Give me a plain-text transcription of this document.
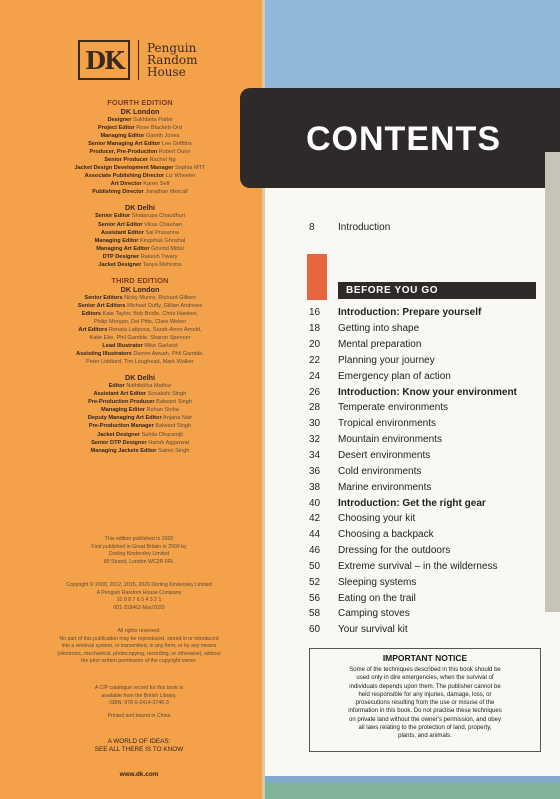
DK	Penguin
Random
House
FOURTH EDITION
DK London
Designer Sukhbeta Pattni
Project Editor Rose Blackett-Ord
Managing Editor Gareth Jones
Senior Managing Art Editor Lee Griffiths
Producer, Pre-Production Robert Dunn
Senior Producer Rachel Ng
Jacket Design Development Manager Sophia MTT
Associate Publishing Director Liz Wheeler
Art Director Karen Self
Publishing Director Jonathan Metcalf
DK Delhi
Senior Editor Shatarupa Chaudhuri
Senior Art Editor Vikas Chauhan
Assistant Editor Sai Prasanna
Managing Editor Kingshuk Ghoshal
Managing Art Editor Govind Mittal
DTP Designer Rakesh Tiwary
Jacket Designer Tanya Mehrotra
THIRD EDITION
DK London
Senior Editors Nicky Munro, Richard Gilbert
Senior Art Editors Michael Duffy, Gillian Andrews
Editors Kate Taylor, Bob Bridle, Chris Hawkes,
Philip Morgan, Del Pitts, Clare Weber
Art Editors Renata Latipova, Sarah-Anne Arnold,
Katie Eke, Phil Gamble, Sharon Spencer
Lead Illustrator Mike Garland
Assisting Illustrators Darren Awuah, Phil Gamble,
Peter Liddiard, Tim Loughead, Mark Walker
DK Delhi
Editor Nidhilekha Mathur
Assistant Art Editor Sonakshi Singh
Pre-Production Producer Balwant Singh
Managing Editor Rohan Sinha
Deputy Managing Art Editor Anjana Nair
Pre-Production Manager Balwant Singh
Jacket Designer Suhita Dharamjit
Senior DTP Designer Harish Aggarwal
Managing Jackets Editor Saloni Singh

This edition published in 2020

First published in Great Britain in 2009 by

Dorling Kindersley Limited

80 Strand, London WC2R 0RL

Copyright © 2009, 2012, 2015, 2020 Dorling Kindersley Limited

A Penguin Random House Company

10 9 8 7 6 5 4 3 2 1

001-318462-Mar/2020

All rights reserved.

No part of this publication may be reproduced, stored in or introduced

into a retrieval system, or transmitted, in any form, or by any means

(electronic, mechanical, photocopying, recording, or otherwise), without

the prior written permission of the copyright owner.

A CIP catalogue record for this book is

available from the British Library.

ISBN: 978-0-2414-3746-3

Printed and bound in China

A WORLD OF IDEAS:

SEE ALL THERE IS TO KNOW

www.dk.com
CONTENTS
8 Introduction
BEFORE YOU GO
16	Introduction: Prepare yourself
18	Getting into shape
20	Mental preparation
22	Planning your journey
24	Emergency plan of action
26	Introduction: Know your environment
28	Temperate environments
30	Tropical environments
32	Mountain environments
34	Desert environments
36	Cold environments
38	Marine environments
40	Introduction: Get the right gear
42	Choosing your kit
44	Choosing a backpack
46	Dressing for the outdoors
50	Extreme survival – in the wilderness
52	Sleeping systems
56	Eating on the trail
58	Camping stoves
60	Your survival kit
IMPORTANT NOTICE

Some of the techniques described in this book should be

used only in dire emergencies, when the survival of

individuals depends upon them. The publisher cannot be

held responsible for any injuries, damage, loss, or

prosecutions resulting from the use or misuse of the

information in this book. Do not practise these techniques

on private land without the owner's permission, and obey

all laws relating to the protection of land, property,

plants, and animals.
